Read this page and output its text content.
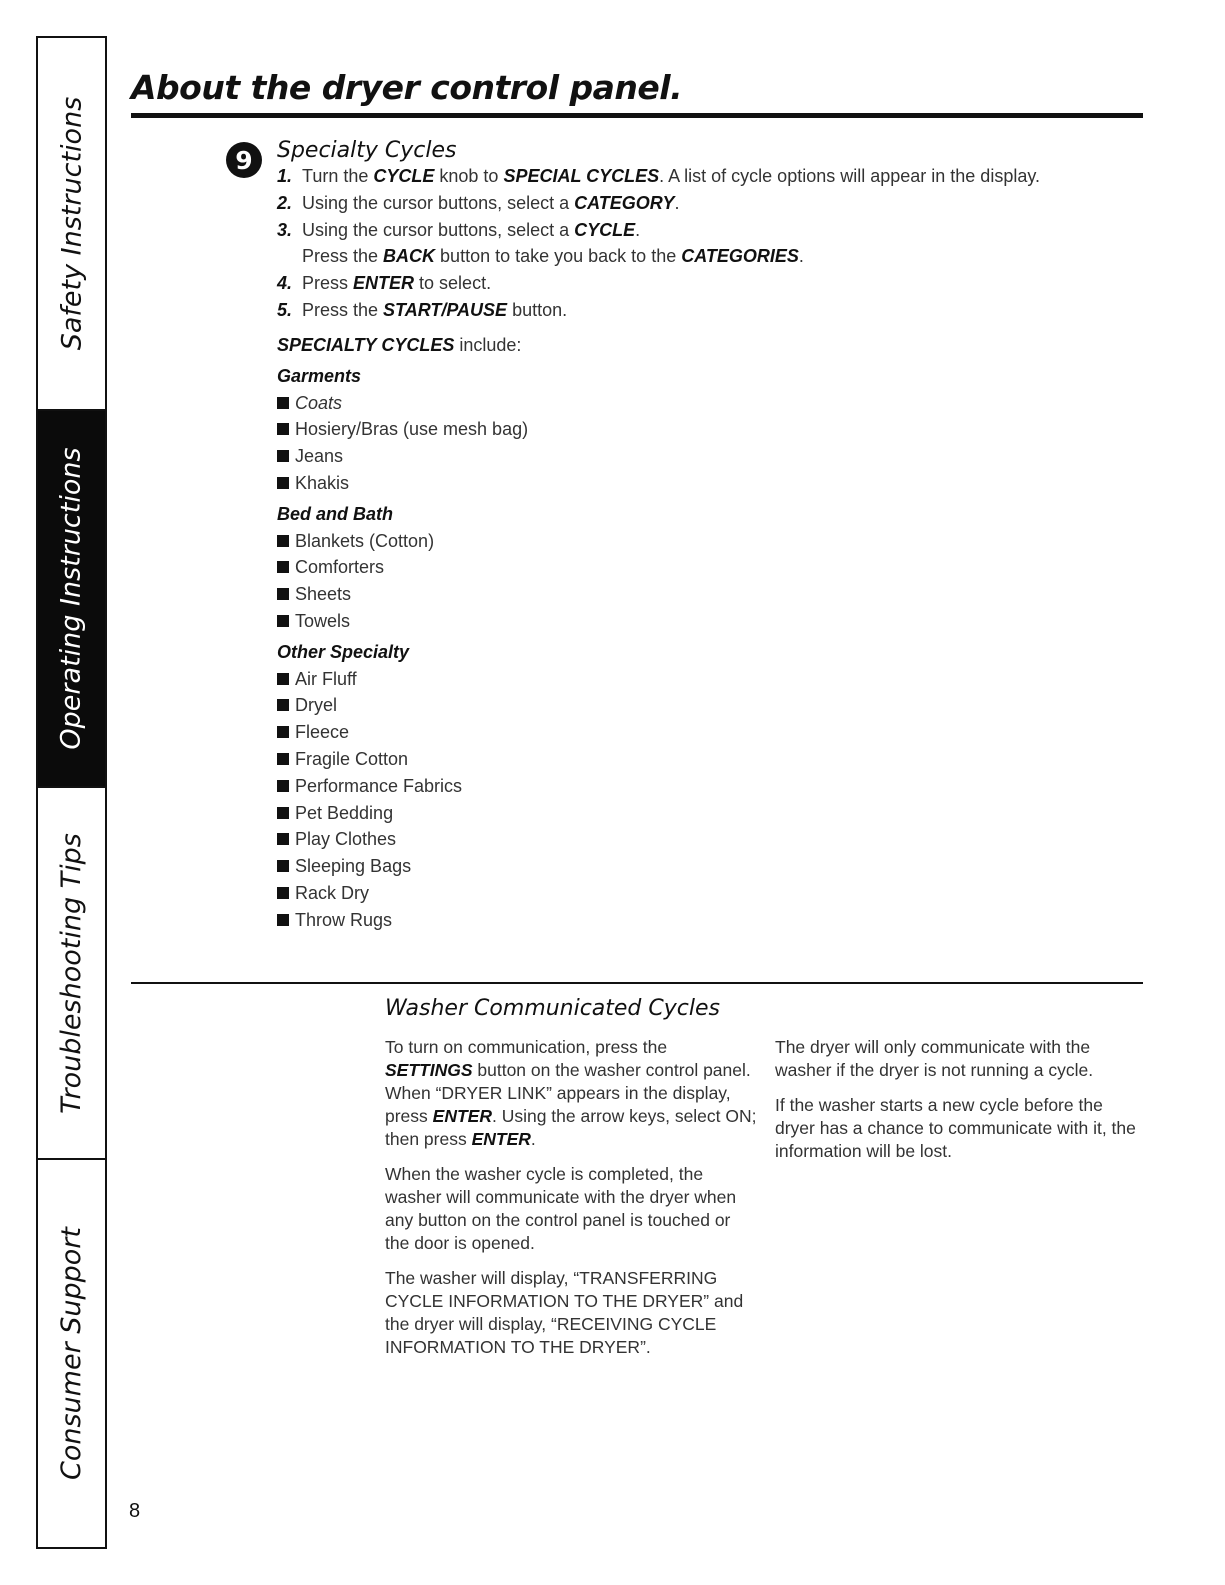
Safety Instructions
Operating Instructions
Troubleshooting Tips
Consumer Support
About the dryer control panel.
9	Specialty Cycles
1. Turn the CYCLE knob to SPECIAL CYCLES. A list of cycle options will appear in the display.
2. Using the cursor buttons, select a CATEGORY.
3. Using the cursor buttons, select a CYCLE.
Press the BACK button to take you back to the CATEGORIES.
4. Press ENTER to select.
5. Press the START/PAUSE button.
SPECIALTY CYCLES include:
Garments
Coats
Hosiery/Bras (use mesh bag)
Jeans
Khakis
Bed and Bath
Blankets (Cotton)
Comforters
Sheets
Towels
Other Specialty
Air Fluff
Dryel
Fleece
Fragile Cotton
Performance Fabrics
Pet Bedding
Play Clothes
Sleeping Bags
Rack Dry
Throw Rugs
Washer Communicated Cycles

To turn on communication, press the SETTINGS button on the washer control panel. When “DRYER LINK” appears in the display, press ENTER. Using the arrow keys, select ON; then press ENTER.

When the washer cycle is completed, the washer will communicate with the dryer when any button on the control panel is touched or the door is opened.

The washer will display, “TRANSFERRING CYCLE INFORMATION TO THE DRYER” and the dryer will display, “RECEIVING CYCLE INFORMATION TO THE DRYER”.

The dryer will only communicate with the washer if the dryer is not running a cycle.

If the washer starts a new cycle before the dryer has a chance to communicate with it, the information will be lost.

8
